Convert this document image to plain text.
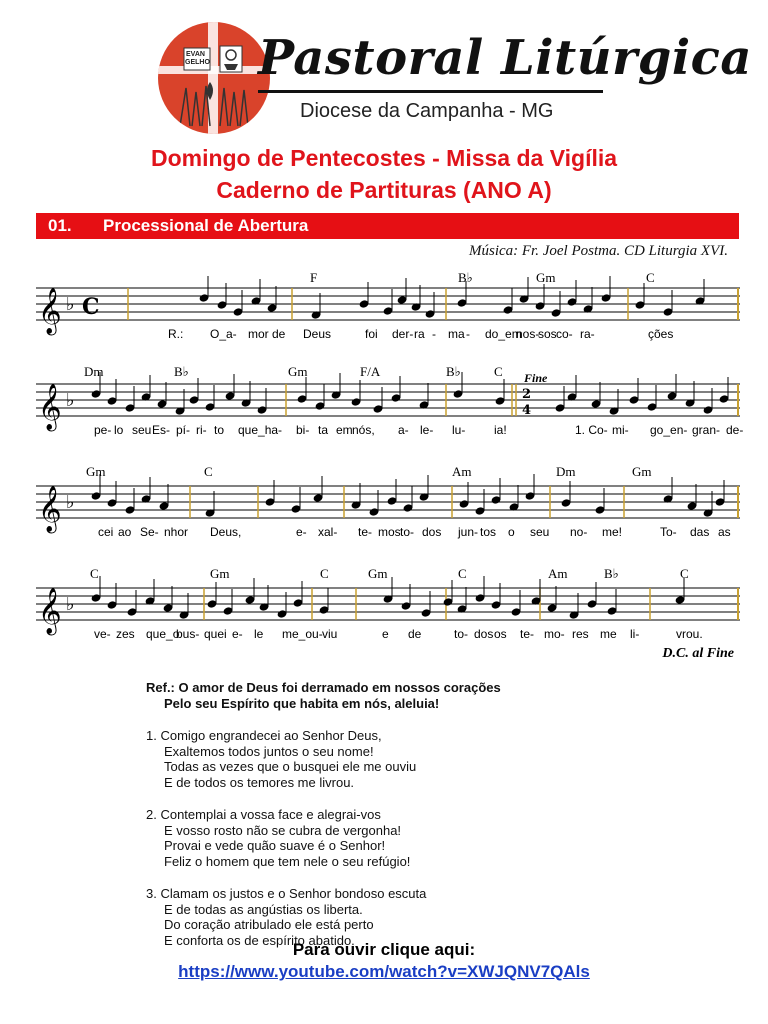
EVAN
GELHO Pastoral Litúrgica
Diocese da Campanha - MG
Domingo de Pentecostes - Missa da Vigília
Caderno de Partituras (ANO A)
01. Processional de Abertura
Música: Fr. Joel Postma. CD Liturgia XVI.
𝄞 ♭ C
F	B♭	Gm	C
R.: O_a- mor de Deus	foi der- ra - ma - do_em
nos-
sos co- ra-	ções
𝄞 ♭
Dm	B♭	Gm	F/A	B♭	C
pe- lo seu Es- pí- ri- to que_ha- bi- ta em nós, a- le- lu- ia!	1. Co- mi- go_en- gran- de-
𝄞 ♭
Gm	C	Am	Dm	Gm
cei ao Se- nhor Deus,	e- xal- te- mos to- dos jun- tos o seu no- me!	To- das as
𝄞 ♭
C	Gm	C	Gm	C	Am	B♭	C
ve- zes que_o
bus- quei e- le me_ou- viu	e de	to- dos os te- mo- res me li-	vrou.
Fine
2
4
D.C. al Fine
Ref.: O amor de Deus foi derramado em nossos corações
Pelo seu Espírito que habita em nós, aleluia!
1. Comigo engrandecei ao Senhor Deus,
Exaltemos todos juntos o seu nome!
Todas as vezes que o busquei ele me ouviu
E de todos os temores me livrou.
2. Contemplai a vossa face e alegrai-vos
E vosso rosto não se cubra de vergonha!
Provai e vede quão suave é o Senhor!
Feliz o homem que tem nele o seu refúgio!
3. Clamam os justos e o Senhor bondoso escuta
E de todas as angústias os liberta.
Do coração atribulado ele está perto
E conforta os de espírito abatido.
Para ouvir clique aqui:
https://www.youtube.com/watch?v=XWJQNV7QAls
